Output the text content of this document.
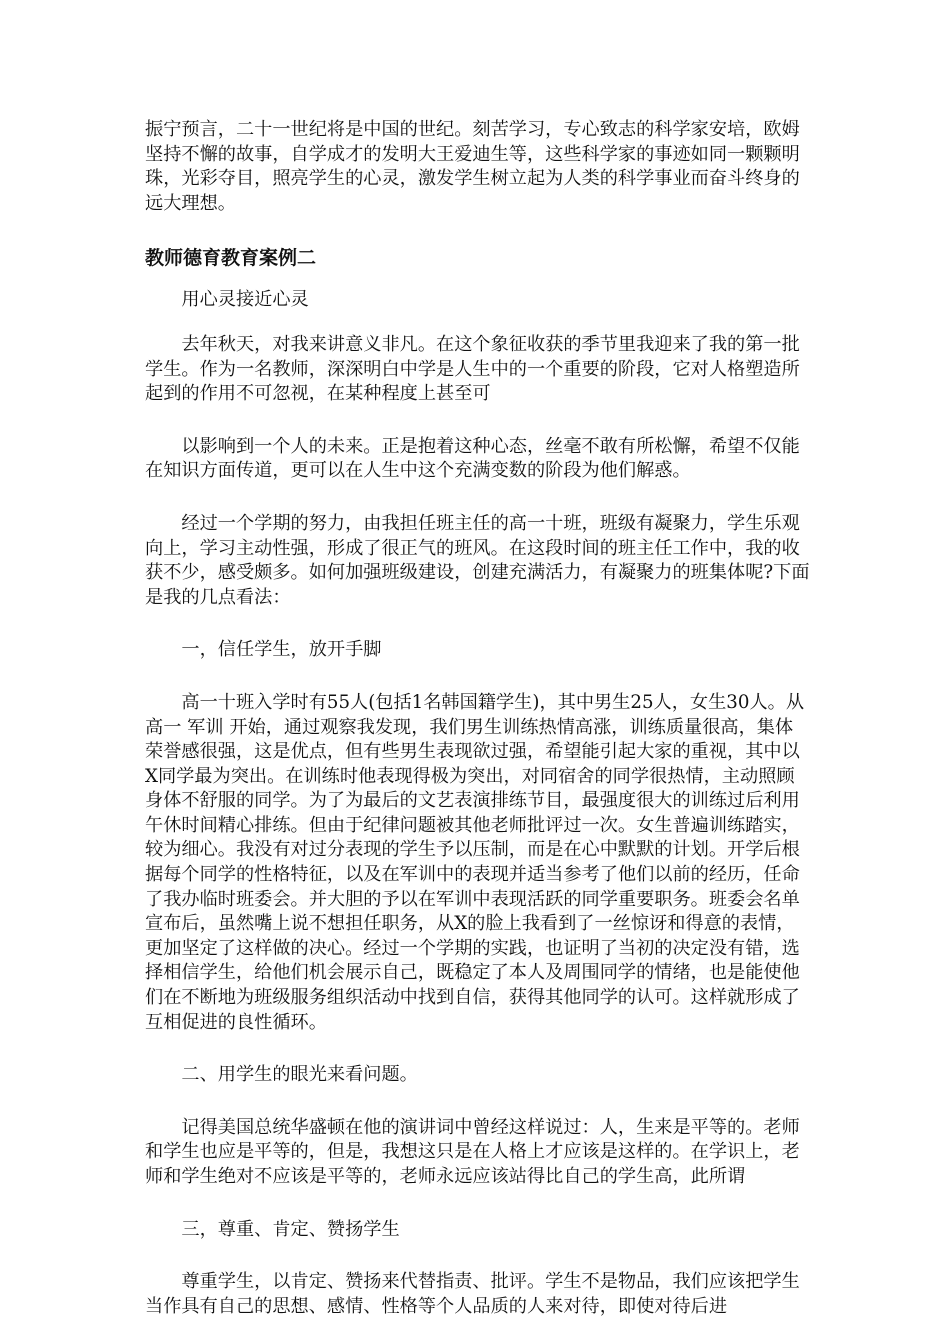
振宁预言，二十一世纪将是中国的世纪。刻苦学习，专心致志的科学家安培，欧姆坚持不懈的故事，自学成才的发明大王爱迪生等，这些科学家的事迹如同一颗颗明珠，光彩夺目，照亮学生的心灵，激发学生树立起为人类的科学事业而奋斗终身的远大理想。

教师德育教育案例二

　　用心灵接近心灵

　　去年秋天，对我来讲意义非凡。在这个象征收获的季节里我迎来了我的第一批学生。作为一名教师，深深明白中学是人生中的一个重要的阶段，它对人格塑造所起到的作用不可忽视，在某种程度上甚至可

　　以影响到一个人的未来。正是抱着这种心态，丝毫不敢有所松懈，希望不仅能在知识方面传道，更可以在人生中这个充满变数的阶段为他们解惑。

　　经过一个学期的努力，由我担任班主任的高一十班，班级有凝聚力，学生乐观向上，学习主动性强，形成了很正气的班风。在这段时间的班主任工作中，我的收获不少，感受颇多。如何加强班级建设，创建充满活力，有凝聚力的班集体呢?下面是我的几点看法：

　　一，信任学生，放开手脚

　　高一十班入学时有55人(包括1名韩国籍学生)，其中男生25人，女生30人。从高一 军训 开始，通过观察我发现，我们男生训练热情高涨，训练质量很高，集体荣誉感很强，这是优点，但有些男生表现欲过强，希望能引起大家的重视，其中以X同学最为突出。在训练时他表现得极为突出，对同宿舍的同学很热情，主动照顾身体不舒服的同学。为了为最后的文艺表演排练节目，最强度很大的训练过后利用午休时间精心排练。但由于纪律问题被其他老师批评过一次。女生普遍训练踏实，较为细心。我没有对过分表现的学生予以压制，而是在心中默默的计划。开学后根据每个同学的性格特征，以及在军训中的表现并适当参考了他们以前的经历，任命了我办临时班委会。并大胆的予以在军训中表现活跃的同学重要职务。班委会名单宣布后，虽然嘴上说不想担任职务，从X的脸上我看到了一丝惊讶和得意的表情，更加坚定了这样做的决心。经过一个学期的实践，也证明了当初的决定没有错，选择相信学生，给他们机会展示自己，既稳定了本人及周围同学的情绪，也是能使他们在不断地为班级服务组织活动中找到自信，获得其他同学的认可。这样就形成了互相促进的良性循环。

　　二、用学生的眼光来看问题。

　　记得美国总统华盛顿在他的演讲词中曾经这样说过：人，生来是平等的。老师和学生也应是平等的，但是，我想这只是在人格上才应该是这样的。在学识上，老师和学生绝对不应该是平等的，老师永远应该站得比自己的学生高，此所谓

　　三，尊重、肯定、赞扬学生

　　尊重学生，以肯定、赞扬来代替指责、批评。学生不是物品，我们应该把学生当作具有自己的思想、感情、性格等个人品质的人来对待，即使对待后进
